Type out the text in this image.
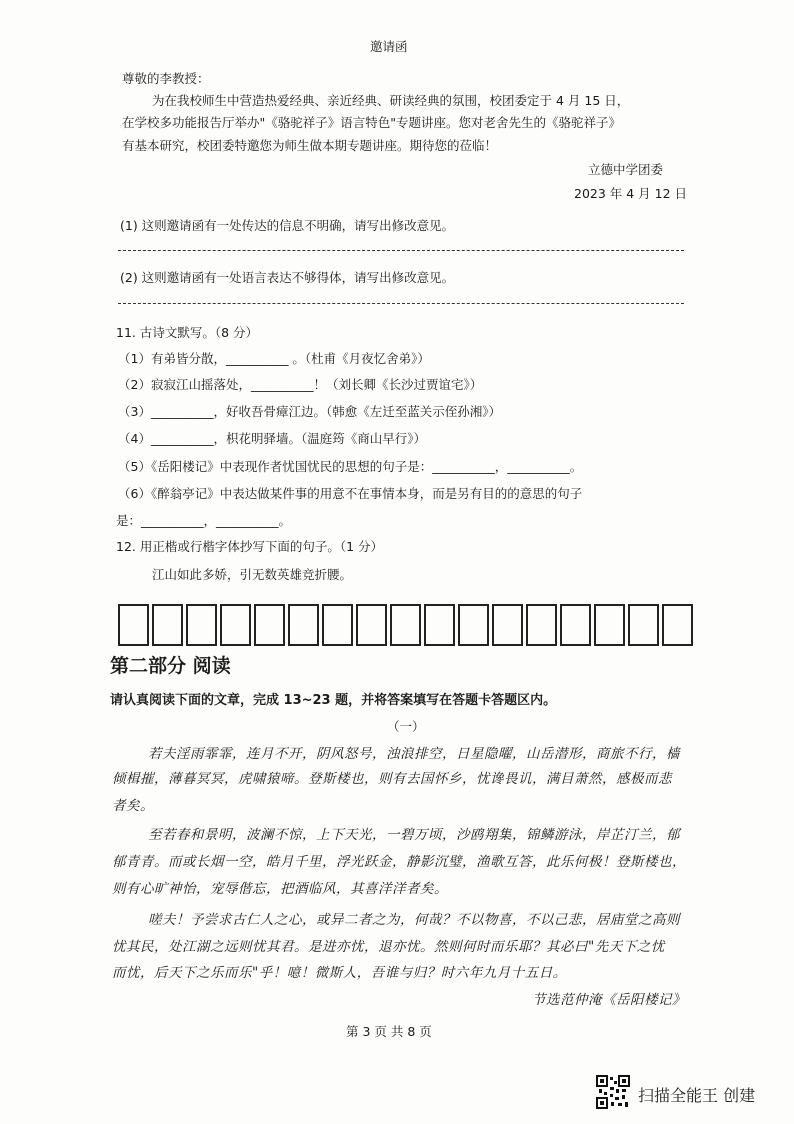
邀请函
尊敬的李教授：
为在我校师生中营造热爱经典、亲近经典、研读经典的氛围，校团委定于 4 月 15 日，
在学校多功能报告厅举办"《骆驼祥子》语言特色"专题讲座。您对老舍先生的《骆驼祥子》
有基本研究，校团委特邀您为师生做本期专题讲座。期待您的莅临！
立德中学团委
2023 年 4 月 12 日
(1) 这则邀请函有一处传达的信息不明确，请写出修改意见。
(2) 这则邀请函有一处语言表达不够得体，请写出修改意见。
11. 古诗文默写。（8 分）
（1）有弟皆分散，__________ 。（杜甫《月夜忆舍弟》）
（2）寂寂江山摇落处，__________！（刘长卿《长沙过贾谊宅》）
（3）__________，好收吾骨瘴江边。（韩愈《左迁至蓝关示侄孙湘》）
（4）__________，枳花明驿墙。（温庭筠《商山早行》）
（5）《岳阳楼记》中表现作者忧国忧民的思想的句子是：__________，__________。
（6）《醉翁亭记》中表达做某件事的用意不在事情本身，而是另有目的的意思的句子
是：__________，__________。
12. 用正楷或行楷字体抄写下面的句子。（1 分）
江山如此多娇，引无数英雄竞折腰。
第二部分 阅读
请认真阅读下面的文章，完成 13~23 题，并将答案填写在答题卡答题区内。
（一）
若夫淫雨霏霏，连月不开，阴风怒号，浊浪排空，日星隐曜，山岳潜形，商旅不行，樯
倾楫摧，薄暮冥冥，虎啸猿啼。登斯楼也，则有去国怀乡，忧谗畏讥，满目萧然，感极而悲
者矣。
至若春和景明，波澜不惊，上下天光，一碧万顷，沙鸥翔集，锦鳞游泳，岸芷汀兰，郁
郁青青。而或长烟一空，皓月千里，浮光跃金，静影沉璧，渔歌互答，此乐何极！登斯楼也，
则有心旷神怡，宠辱偕忘，把酒临风，其喜洋洋者矣。
嗟夫！予尝求古仁人之心，或异二者之为，何哉？不以物喜，不以己悲，居庙堂之高则
忧其民，处江湖之远则忧其君。是进亦忧，退亦忧。然则何时而乐耶？其必曰"先天下之忧
而忧，后天下之乐而乐"乎！噫！微斯人，吾谁与归？时六年九月十五日。
节选范仲淹《岳阳楼记》
第 3 页 共 8 页
扫描全能王 创建
